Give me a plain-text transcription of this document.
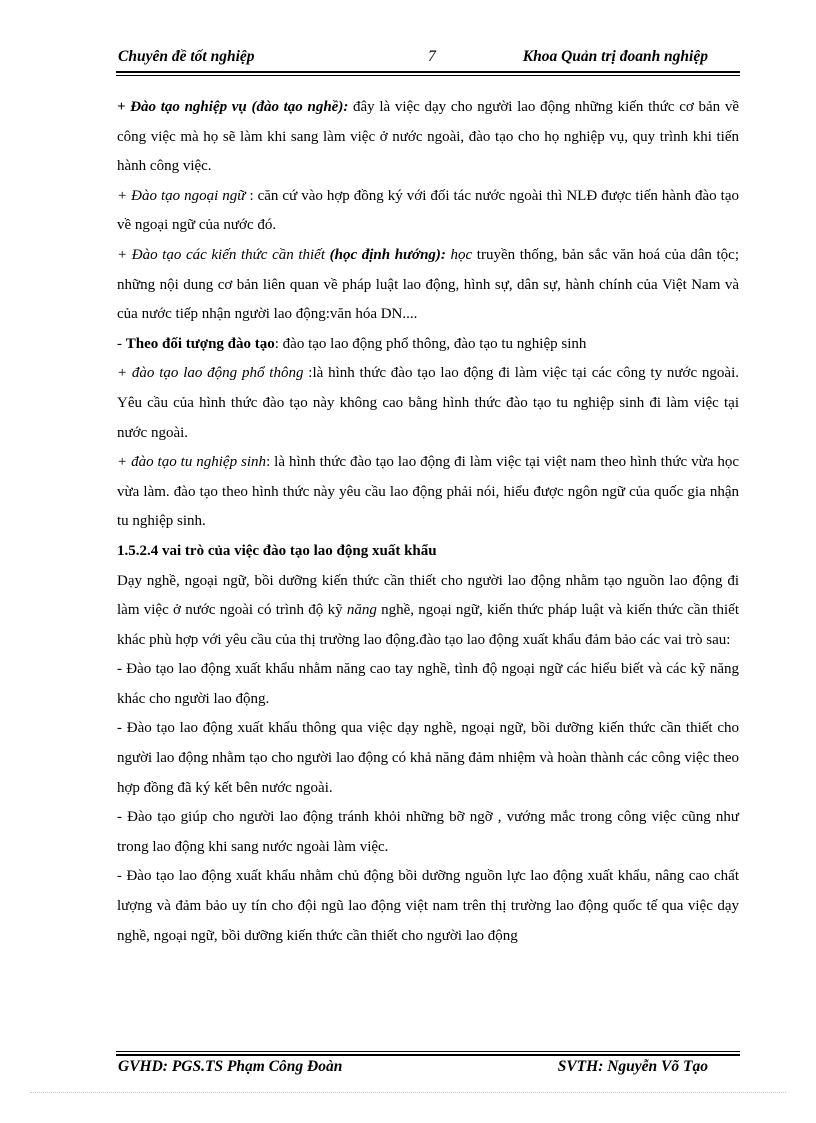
Chuyên đề tốt nghiệp	7	Khoa Quản trị đoanh nghiệp

+ Đào tạo nghiệp vụ (đào tạo nghề): đây là việc dạy cho người lao động những kiến thức cơ bản về công việc mà họ sẽ làm khi sang làm việc ở nước ngoài, đào tạo cho họ nghiệp vụ, quy trình khi tiến hành công việc.

+ Đào tạo ngoại ngữ : căn cứ vào hợp đồng ký với đối tác nước ngoài thì NLĐ được tiến hành đào tạo về ngoại ngữ của nước đó.

+ Đào tạo các kiến thức cần thiết (học định hướng): học truyền thống, bản sắc văn hoá của dân tộc; những nội dung cơ bản liên quan về pháp luật lao động, hình sự, dân sự, hành chính của Việt Nam và của nước tiếp nhận người lao động:văn hóa DN....

- Theo đối tượng đào tạo: đào tạo lao động phổ thông, đào tạo tu nghiệp sinh

+ đào tạo lao động phổ thông :là hình thức đào tạo lao động đi làm việc tại các công ty nước ngoài. Yêu cầu của hình thức đào tạo này không cao bằng hình thức đào tạo tu nghiệp sinh đi làm việc tại nước ngoài.

+ đào tạo tu nghiệp sinh: là hình thức đào tạo lao động đi làm việc tại việt nam theo hình thức vừa học vừa làm. đào tạo theo hình thức này yêu cầu lao động phải nói, hiểu được ngôn ngữ của quốc gia nhận tu nghiệp sinh.

1.5.2.4 vai trò của việc đào tạo lao động xuất khẩu

Dạy nghề, ngoại ngữ, bồi dưỡng kiến thức cần thiết cho người lao động nhằm tạo nguồn lao động đi làm việc ở nước ngoài có trình độ kỹ năng nghề, ngoại ngữ, kiến thức pháp luật và kiến thức cần thiết khác phù hợp với yêu cầu của thị trường lao động.đào tạo lao động xuất khẩu đảm bảo các vai trò sau:

- Đào tạo lao động xuất khẩu nhằm năng cao tay nghề, tình độ ngoại ngữ các hiểu biết và các kỹ năng khác cho người lao động.

- Đào tạo lao động xuất khẩu thông qua việc dạy nghề, ngoại ngữ, bồi dưỡng kiến thức cần thiết cho người lao động nhằm tạo cho người lao động có khả năng đảm nhiệm và hoàn thành các công việc theo hợp đồng đã ký kết bên nước ngoài.

- Đào tạo giúp cho người lao động tránh khỏi những bỡ ngỡ , vướng mắc trong công việc cũng như trong lao động khi sang nước ngoài làm việc.

- Đào tạo lao động xuất khẩu nhằm chủ động bồi dưỡng nguồn lực lao động xuất khẩu, nâng cao chất lượng và đảm bảo uy tín cho đội ngũ lao động việt nam trên thị trường lao động quốc tế qua việc dạy nghề, ngoại ngữ, bồi dưỡng kiến thức cần thiết cho người lao động

GVHD: PGS.TS Phạm Công Đoàn	SVTH: Nguyễn Võ Tạo
